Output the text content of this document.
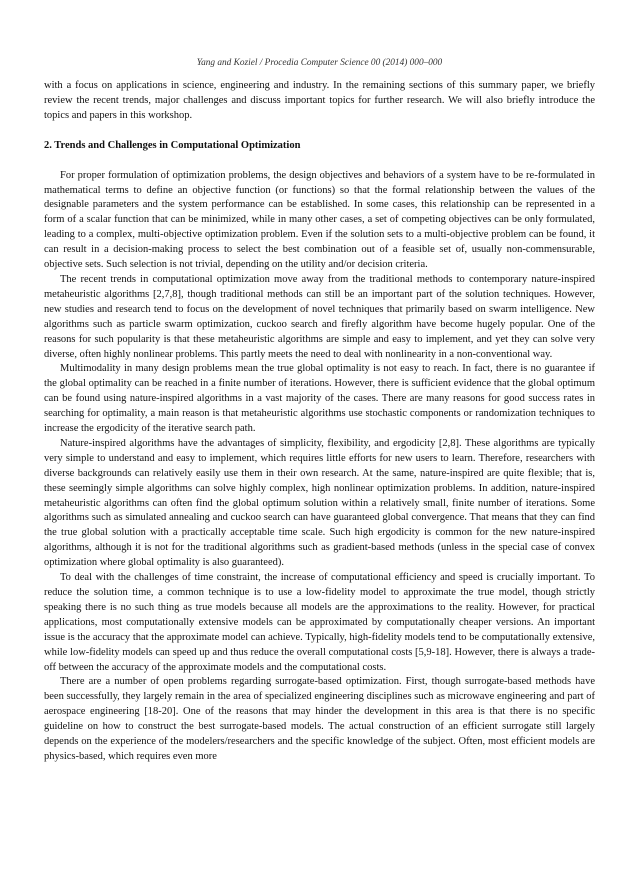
Yang and Koziel / Procedia Computer Science 00 (2014) 000–000

with a focus on applications in science, engineering and industry. In the remaining sections of this summary paper, we briefly review the recent trends, major challenges and discuss important topics for further research. We will also briefly introduce the topics and papers in this workshop.

2. Trends and Challenges in Computational Optimization

For proper formulation of optimization problems, the design objectives and behaviors of a system have to be re-formulated in mathematical terms to define an objective function (or functions) so that the formal relationship between the values of the designable parameters and the system performance can be established. In some cases, this relationship can be represented in a form of a scalar function that can be minimized, while in many other cases, a set of competing objectives can be only formulated, leading to a complex, multi-objective optimization problem. Even if the solution sets to a multi-objective problem can be found, it can result in a decision-making process to select the best combination out of a feasible set of, usually non-commensurable, objective sets. Such selection is not trivial, depending on the utility and/or decision criteria.

The recent trends in computational optimization move away from the traditional methods to contemporary nature-inspired metaheuristic algorithms [2,7,8], though traditional methods can still be an important part of the solution techniques. However, new studies and research tend to focus on the development of novel techniques that primarily based on swarm intelligence. New algorithms such as particle swarm optimization, cuckoo search and firefly algorithm have become hugely popular. One of the reasons for such popularity is that these metaheuristic algorithms are simple and easy to implement, and yet they can solve very diverse, often highly nonlinear problems. This partly meets the need to deal with nonlinearity in a non-conventional way.

Multimodality in many design problems mean the true global optimality is not easy to reach. In fact, there is no guarantee if the global optimality can be reached in a finite number of iterations. However, there is sufficient evidence that the global optimum can be found using nature-inspired algorithms in a vast majority of the cases. There are many reasons for good success rates in searching for optimality, a main reason is that metaheuristic algorithms use stochastic components or randomization techniques to increase the ergodicity of the iterative search path.

Nature-inspired algorithms have the advantages of simplicity, flexibility, and ergodicity [2,8]. These algorithms are typically very simple to understand and easy to implement, which requires little efforts for new users to learn. Therefore, researchers with diverse backgrounds can relatively easily use them in their own research. At the same, nature-inspired are quite flexible; that is, these seemingly simple algorithms can solve highly complex, high nonlinear optimization problems. In addition, nature-inspired metaheuristic algorithms can often find the global optimum solution within a relatively small, finite number of iterations. Some algorithms such as simulated annealing and cuckoo search can have guaranteed global convergence. That means that they can find the true global solution with a practically acceptable time scale. Such high ergodicity is common for the new nature-inspired algorithms, although it is not for the traditional algorithms such as gradient-based methods (unless in the special case of convex optimization where global optimality is also guaranteed).

To deal with the challenges of time constraint, the increase of computational efficiency and speed is crucially important. To reduce the solution time, a common technique is to use a low-fidelity model to approximate the true model, though strictly speaking there is no such thing as true models because all models are the approximations to the reality. However, for practical applications, most computationally extensive models can be approximated by computationally cheaper versions. An important issue is the accuracy that the approximate model can achieve. Typically, high-fidelity models tend to be computationally extensive, while low-fidelity models can speed up and thus reduce the overall computational costs [5,9-18]. However, there is always a trade-off between the accuracy of the approximate models and the computational costs.

There are a number of open problems regarding surrogate-based optimization. First, though surrogate-based methods have been successfully, they largely remain in the area of specialized engineering disciplines such as microwave engineering and part of aerospace engineering [18-20]. One of the reasons that may hinder the development in this area is that there is no specific guideline on how to construct the best surrogate-based models. The actual construction of an efficient surrogate still largely depends on the experience of the modelers/researchers and the specific knowledge of the subject. Often, most efficient models are physics-based, which requires even more
